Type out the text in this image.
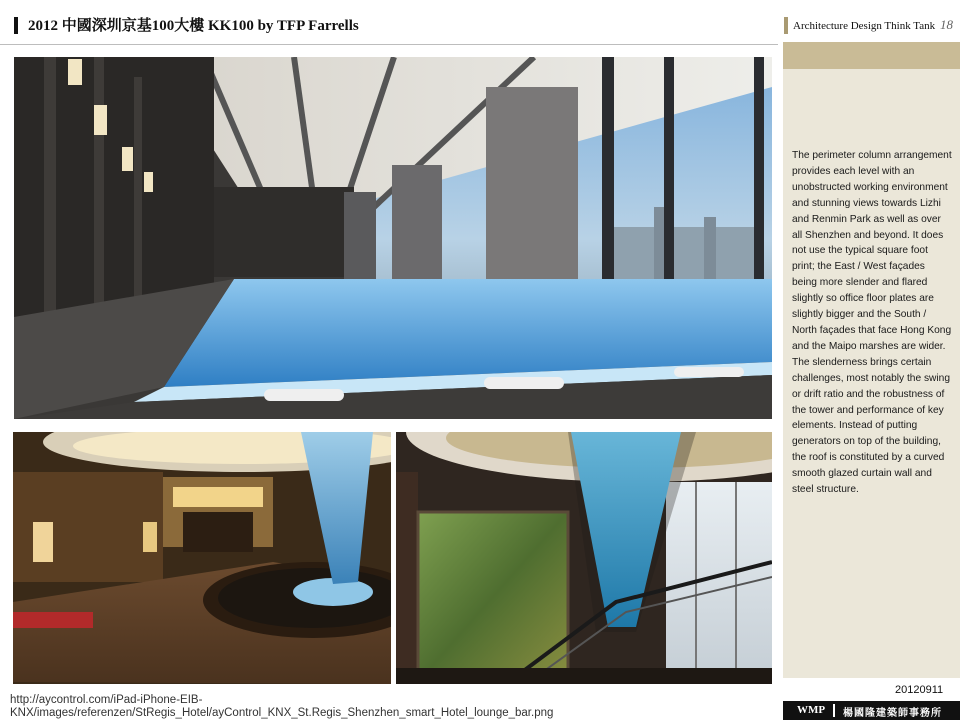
2012 中國深圳京基100大樓 KK100 by TFP Farrells	Architecture Design Think Tank 18

The perimeter column arrangement provides each level with an unobstructed working environment and stunning views towards Lizhi and Renmin Park as well as over all Shenzhen and beyond. It does not use the typical square foot print; the East / West façades being more slender and flared slightly so office floor plates are slightly bigger and the South / North façades that face Hong Kong and the Maipo marshes are wider.

The slenderness brings certain challenges, most notably the swing or drift ratio and the robustness of the tower and performance of key elements. Instead of putting generators on top of the building, the roof is constituted by a curved smooth glazed curtain wall and steel structure.

http://aycontrol.com/iPad-iPhone-EIB-KNX/images/referenzen/StRegis_Hotel/ayControl_KNX_St.Regis_Shenzhen_smart_Hotel_lounge_bar.png
20120911
WMP 楊國隆建築師事務所
